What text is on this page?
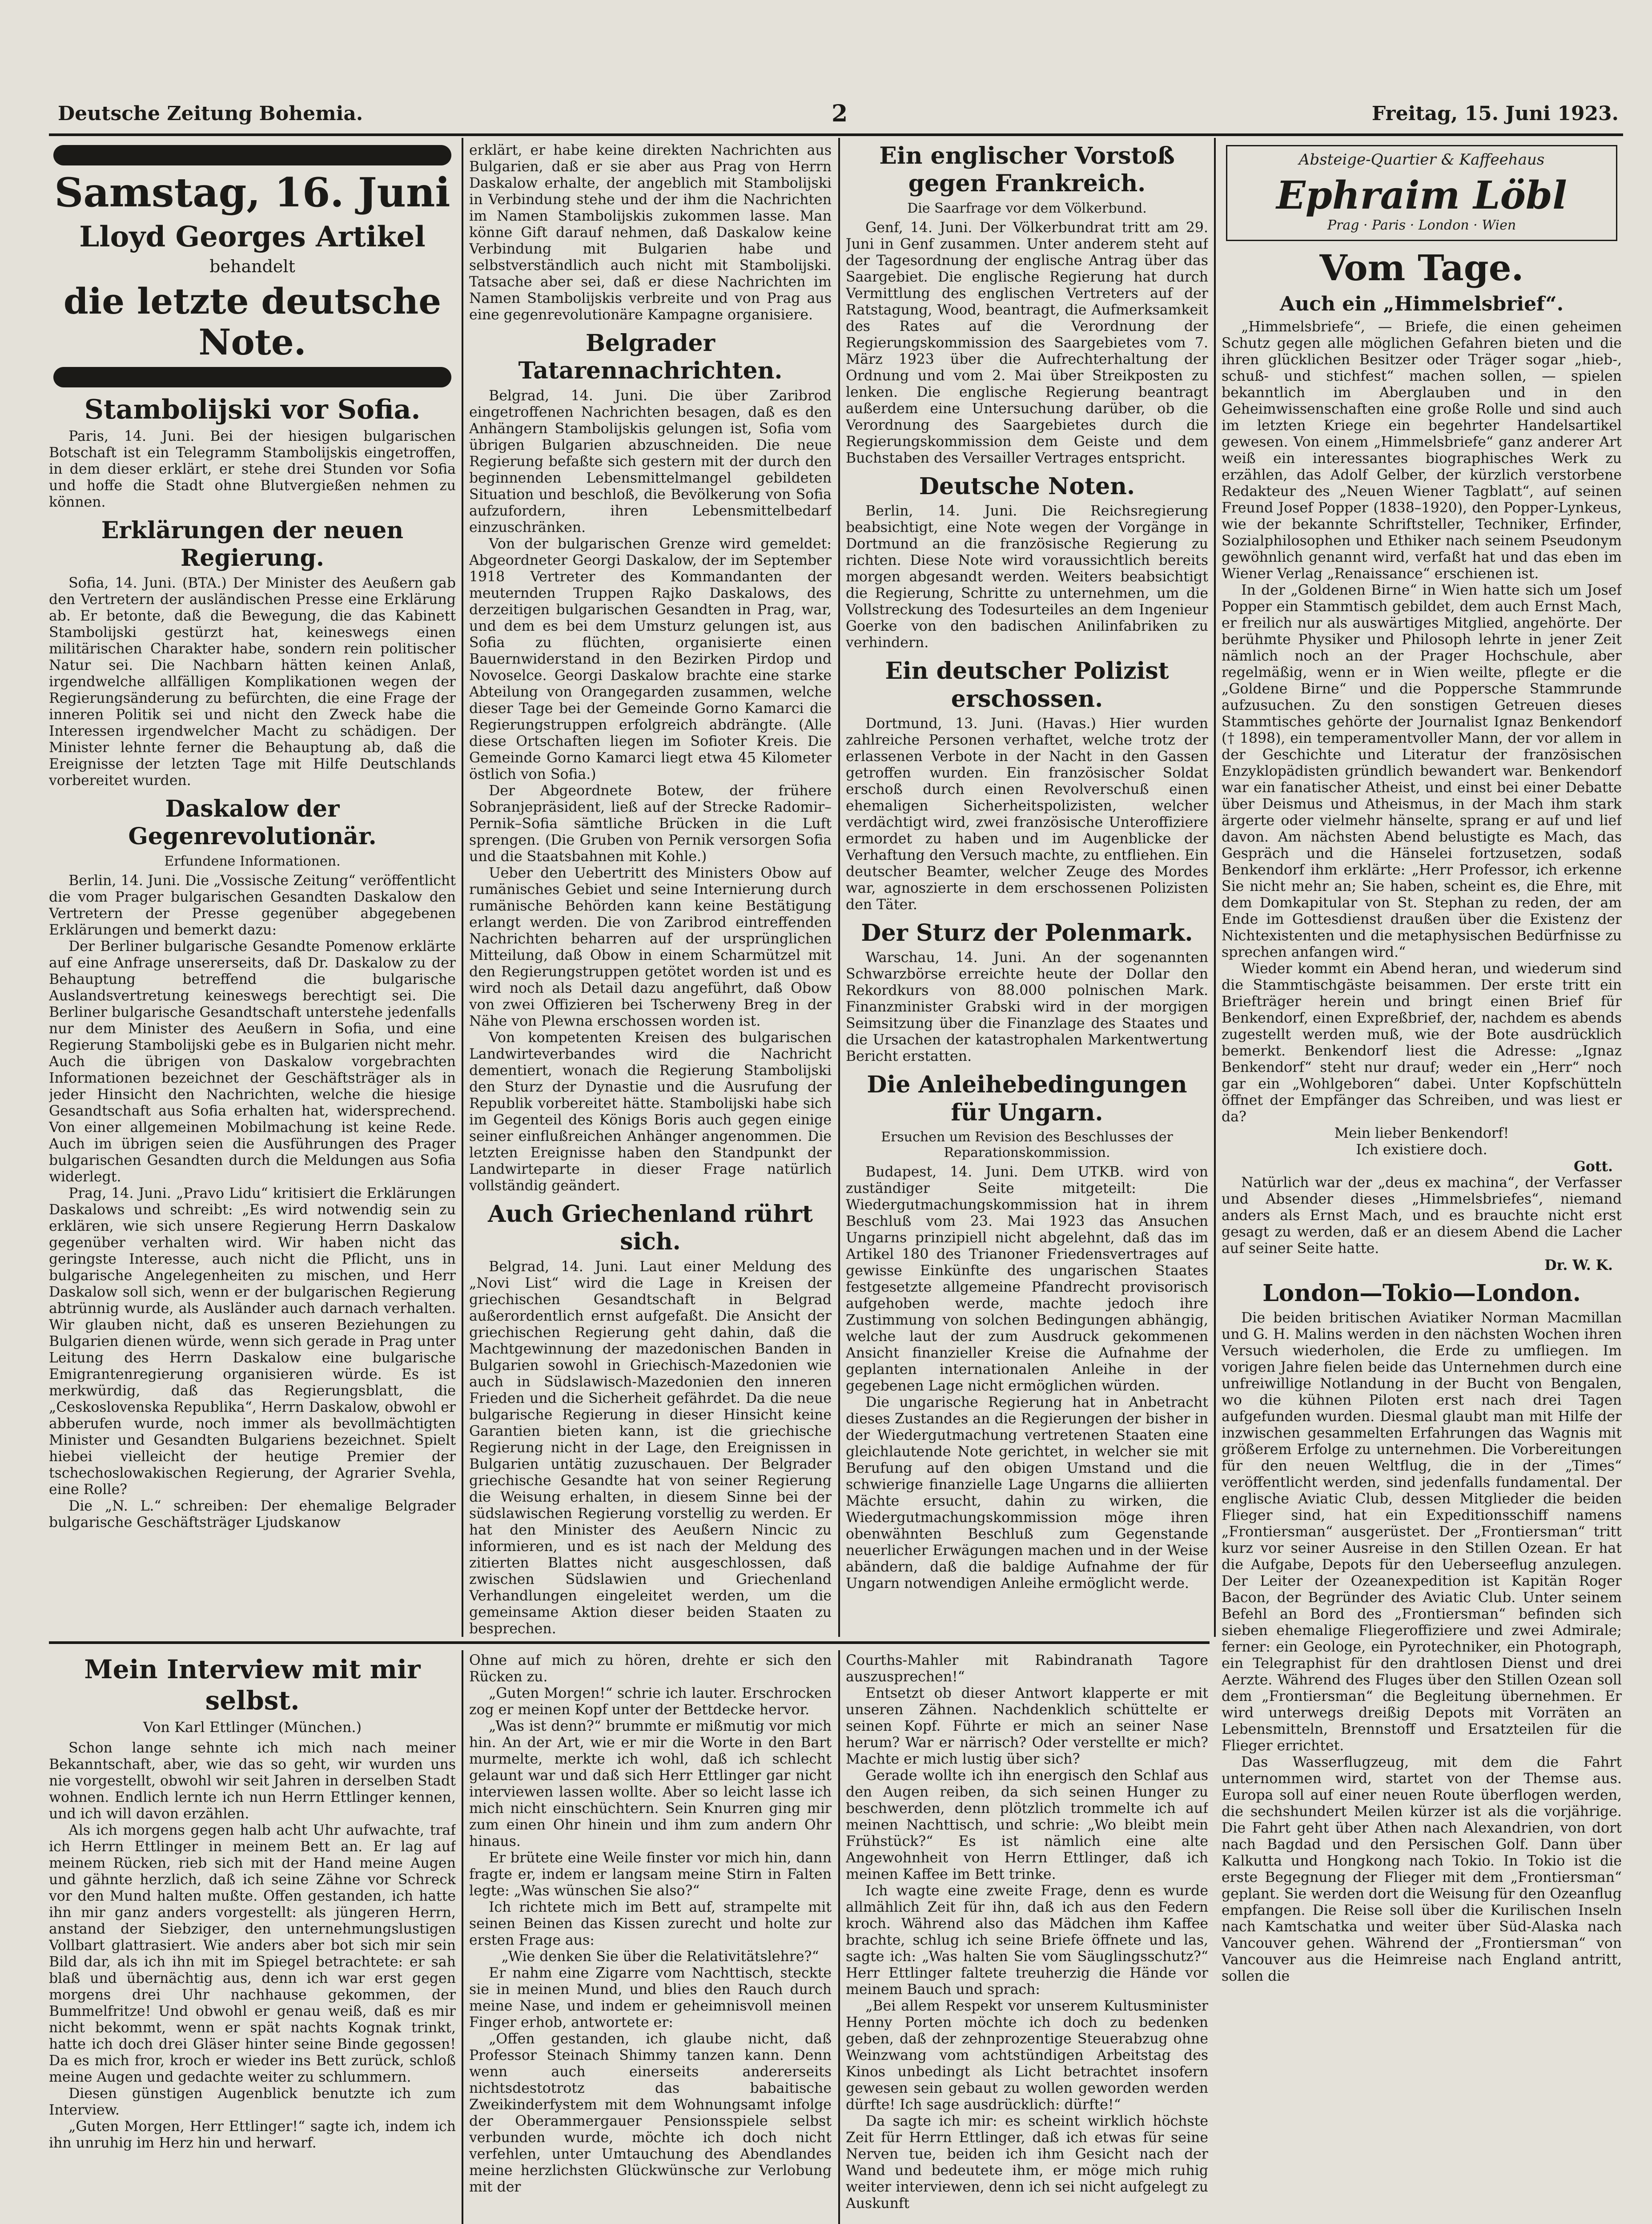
Deutsche Zeitung Bohemia.	2	Freitag, 15. Juni 1923.
Samstag, 16. Juni
Lloyd Georges Artikel
behandelt
die letzte deutsche Note.
Stambolijski vor Sofia.

Paris, 14. Juni. Bei der hiesigen bulgarischen Botschaft ist ein Telegramm Stambolijskis eingetroffen, in dem dieser erklärt, er stehe drei Stunden vor Sofia und hoffe die Stadt ohne Blutvergießen nehmen zu können.

Erklärungen der neuen Regierung.

Sofia, 14. Juni. (BTA.) Der Minister des Aeußern gab den Vertretern der ausländischen Presse eine Erklärung ab. Er betonte, daß die Bewegung, die das Kabinett Stambolijski gestürzt hat, keineswegs einen militärischen Charakter habe, sondern rein politischer Natur sei. Die Nachbarn hätten keinen Anlaß, irgendwelche allfälligen Komplikationen wegen der Regierungsänderung zu befürchten, die eine Frage der inneren Politik sei und nicht den Zweck habe die Interessen irgendwelcher Macht zu schädigen. Der Minister lehnte ferner die Behauptung ab, daß die Ereignisse der letzten Tage mit Hilfe Deutschlands vorbereitet wurden.

Daskalow der Gegenrevolutionär.
Erfundene Informationen.

Berlin, 14. Juni. Die „Vossische Zeitung“ veröffentlicht die vom Prager bulgarischen Gesandten Daskalow den Vertretern der Presse gegenüber abgegebenen Erklärungen und bemerkt dazu:

Der Berliner bulgarische Gesandte Pomenow erklärte auf eine Anfrage unsererseits, daß Dr. Daskalow zu der Behauptung betreffend die bulgarische Auslandsvertretung keineswegs berechtigt sei. Die Berliner bulgarische Gesandtschaft unterstehe jedenfalls nur dem Minister des Aeußern in Sofia, und eine Regierung Stambolijski gebe es in Bulgarien nicht mehr. Auch die übrigen von Daskalow vorgebrachten Informationen bezeichnet der Geschäftsträger als in jeder Hinsicht den Nachrichten, welche die hiesige Gesandtschaft aus Sofia erhalten hat, widersprechend. Von einer allgemeinen Mobilmachung ist keine Rede. Auch im übrigen seien die Ausführungen des Prager bulgarischen Gesandten durch die Meldungen aus Sofia widerlegt.

Prag, 14. Juni. „Pravo Lidu“ kritisiert die Erklärungen Daskalows und schreibt: „Es wird notwendig sein zu erklären, wie sich unsere Regierung Herrn Daskalow gegenüber verhalten wird. Wir haben nicht das geringste Interesse, auch nicht die Pflicht, uns in bulgarische Angelegenheiten zu mischen, und Herr Daskalow soll sich, wenn er der bulgarischen Regierung abtrünnig wurde, als Ausländer auch darnach verhalten. Wir glauben nicht, daß es unseren Beziehungen zu Bulgarien dienen würde, wenn sich gerade in Prag unter Leitung des Herrn Daskalow eine bulgarische Emigrantenregierung organisieren würde. Es ist merkwürdig, daß das Regierungsblatt, die „Ceskoslovenska Republika“, Herrn Daskalow, obwohl er abberufen wurde, noch immer als bevollmächtigten Minister und Gesandten Bulgariens bezeichnet. Spielt hiebei vielleicht der heutige Premier der tschechoslowakischen Regierung, der Agrarier Svehla, eine Rolle?

Die „N. L.“ schreiben: Der ehemalige Belgrader bulgarische Geschäftsträger Ljudskanow

erklärt, er habe keine direkten Nachrichten aus Bulgarien, daß er sie aber aus Prag von Herrn Daskalow erhalte, der angeblich mit Stambolijski in Verbindung stehe und der ihm die Nachrichten im Namen Stambolijskis zukommen lasse. Man könne Gift darauf nehmen, daß Daskalow keine Verbindung mit Bulgarien habe und selbstverständlich auch nicht mit Stambolijski. Tatsache aber sei, daß er diese Nachrichten im Namen Stambolijskis verbreite und von Prag aus eine gegenrevolutionäre Kampagne organisiere.

Belgrader Tatarennachrichten.

Belgrad, 14. Juni. Die über Zaribrod eingetroffenen Nachrichten besagen, daß es den Anhängern Stambolijskis gelungen ist, Sofia vom übrigen Bulgarien abzuschneiden. Die neue Regierung befaßte sich gestern mit der durch den beginnenden Lebensmittelmangel gebildeten Situation und beschloß, die Bevölkerung von Sofia aufzufordern, ihren Lebensmittelbedarf einzuschränken.

Von der bulgarischen Grenze wird gemeldet: Abgeordneter Georgi Daskalow, der im September 1918 Vertreter des Kommandanten der meuternden Truppen Rajko Daskalows, des derzeitigen bulgarischen Gesandten in Prag, war, und dem es bei dem Umsturz gelungen ist, aus Sofia zu flüchten, organisierte einen Bauernwiderstand in den Bezirken Pirdop und Novoselce. Georgi Daskalow brachte eine starke Abteilung von Orangegarden zusammen, welche dieser Tage bei der Gemeinde Gorno Kamarci die Regierungstruppen erfolgreich abdrängte. (Alle diese Ortschaften liegen im Sofioter Kreis. Die Gemeinde Gorno Kamarci liegt etwa 45 Kilometer östlich von Sofia.)

Der Abgeordnete Botew, der frühere Sobranjepräsident, ließ auf der Strecke Radomir–Pernik–Sofia sämtliche Brücken in die Luft sprengen. (Die Gruben von Pernik versorgen Sofia und die Staatsbahnen mit Kohle.)

Ueber den Uebertritt des Ministers Obow auf rumänisches Gebiet und seine Internierung durch rumänische Behörden kann keine Bestätigung erlangt werden. Die von Zaribrod eintreffenden Nachrichten beharren auf der ursprünglichen Mitteilung, daß Obow in einem Scharmützel mit den Regierungstruppen getötet worden ist und es wird noch als Detail dazu angeführt, daß Obow von zwei Offizieren bei Tscherweny Breg in der Nähe von Plewna erschossen worden ist.

Von kompetenten Kreisen des bulgarischen Landwirteverbandes wird die Nachricht dementiert, wonach die Regierung Stambolijski den Sturz der Dynastie und die Ausrufung der Republik vorbereitet hätte. Stambolijski habe sich im Gegenteil des Königs Boris auch gegen einige seiner einflußreichen Anhänger angenommen. Die letzten Ereignisse haben den Standpunkt der Landwirteparte in dieser Frage natürlich vollständig geändert.

Auch Griechenland rührt sich.

Belgrad, 14. Juni. Laut einer Meldung des „Novi List“ wird die Lage in Kreisen der griechischen Gesandtschaft in Belgrad außerordentlich ernst aufgefaßt. Die Ansicht der griechischen Regierung geht dahin, daß die Machtgewinnung der mazedonischen Banden in Bulgarien sowohl in Griechisch-Mazedonien wie auch in Südslawisch-Mazedonien den inneren Frieden und die Sicherheit gefährdet. Da die neue bulgarische Regierung in dieser Hinsicht keine Garantien bieten kann, ist die griechische Regierung nicht in der Lage, den Ereignissen in Bulgarien untätig zuzuschauen. Der Belgrader griechische Gesandte hat von seiner Regierung die Weisung erhalten, in diesem Sinne bei der südslawischen Regierung vorstellig zu werden. Er hat den Minister des Aeußern Nincic zu informieren, und es ist nach der Meldung des zitierten Blattes nicht ausgeschlossen, daß zwischen Südslawien und Griechenland Verhandlungen eingeleitet werden, um die gemeinsame Aktion dieser beiden Staaten zu besprechen.

Ein englischer Vorstoß gegen Frankreich.
Die Saarfrage vor dem Völkerbund.

Genf, 14. Juni. Der Völkerbundrat tritt am 29. Juni in Genf zusammen. Unter anderem steht auf der Tagesordnung der englische Antrag über das Saargebiet. Die englische Regierung hat durch Vermittlung des englischen Vertreters auf der Ratstagung, Wood, beantragt, die Aufmerksamkeit des Rates auf die Verordnung der Regierungskommission des Saargebietes vom 7. März 1923 über die Aufrechterhaltung der Ordnung und vom 2. Mai über Streikposten zu lenken. Die englische Regierung beantragt außerdem eine Untersuchung darüber, ob die Verordnung des Saargebietes durch die Regierungskommission dem Geiste und dem Buchstaben des Versailler Vertrages entspricht.

Deutsche Noten.

Berlin, 14. Juni. Die Reichsregierung beabsichtigt, eine Note wegen der Vorgänge in Dortmund an die französische Regierung zu richten. Diese Note wird voraussichtlich bereits morgen abgesandt werden. Weiters beabsichtigt die Regierung, Schritte zu unternehmen, um die Vollstreckung des Todesurteiles an dem Ingenieur Goerke von den badischen Anilinfabriken zu verhindern.

Ein deutscher Polizist erschossen.

Dortmund, 13. Juni. (Havas.) Hier wurden zahlreiche Personen verhaftet, welche trotz der erlassenen Verbote in der Nacht in den Gassen getroffen wurden. Ein französischer Soldat erschoß durch einen Revolverschuß einen ehemaligen Sicherheitspolizisten, welcher verdächtigt wird, zwei französische Unteroffiziere ermordet zu haben und im Augenblicke der Verhaftung den Versuch machte, zu entfliehen. Ein deutscher Beamter, welcher Zeuge des Mordes war, agnoszierte in dem erschossenen Polizisten den Täter.

Der Sturz der Polenmark.

Warschau, 14. Juni. An der sogenannten Schwarzbörse erreichte heute der Dollar den Rekordkurs von 88.000 polnischen Mark. Finanzminister Grabski wird in der morgigen Seimsitzung über die Finanzlage des Staates und die Ursachen der katastrophalen Markentwertung Bericht erstatten.

Die Anleihebedingungen für Ungarn.
Ersuchen um Revision des Beschlusses der Reparationskommission.

Budapest, 14. Juni. Dem UTKB. wird von zuständiger Seite mitgeteilt: Die Wiedergutmachungskommission hat in ihrem Beschluß vom 23. Mai 1923 das Ansuchen Ungarns prinzipiell nicht abgelehnt, daß das im Artikel 180 des Trianoner Friedensvertrages auf gewisse Einkünfte des ungarischen Staates festgesetzte allgemeine Pfandrecht provisorisch aufgehoben werde, machte jedoch ihre Zustimmung von solchen Bedingungen abhängig, welche laut der zum Ausdruck gekommenen Ansicht finanzieller Kreise die Aufnahme der geplanten internationalen Anleihe in der gegebenen Lage nicht ermöglichen würden.

Die ungarische Regierung hat in Anbetracht dieses Zustandes an die Regierungen der bisher in der Wiedergutmachung vertretenen Staaten eine gleichlautende Note gerichtet, in welcher sie mit Berufung auf den obigen Umstand und die schwierige finanzielle Lage Ungarns die alliierten Mächte ersucht, dahin zu wirken, die Wiedergutmachungskommission möge ihren obenwähnten Beschluß zum Gegenstande neuerlicher Erwägungen machen und in der Weise abändern, daß die baldige Aufnahme der für Ungarn notwendigen Anleihe ermöglicht werde.

Absteige-Quartier & Kaffeehaus
Ephraim Löbl
Prag · Paris · London · Wien
Vom Tage.
Auch ein „Himmelsbrief“.

„Himmelsbriefe“, — Briefe, die einen geheimen Schutz gegen alle möglichen Gefahren bieten und die ihren glücklichen Besitzer oder Träger sogar „hieb-, schuß- und stichfest“ machen sollen, — spielen bekanntlich im Aberglauben und in den Geheimwissenschaften eine große Rolle und sind auch im letzten Kriege ein begehrter Handelsartikel gewesen. Von einem „Himmelsbriefe“ ganz anderer Art weiß ein interessantes biographisches Werk zu erzählen, das Adolf Gelber, der kürzlich verstorbene Redakteur des „Neuen Wiener Tagblatt“, auf seinen Freund Josef Popper (1838–1920), den Popper-Lynkeus, wie der bekannte Schriftsteller, Techniker, Erfinder, Sozialphilosophen und Ethiker nach seinem Pseudonym gewöhnlich genannt wird, verfaßt hat und das eben im Wiener Verlag „Renaissance“ erschienen ist.

In der „Goldenen Birne“ in Wien hatte sich um Josef Popper ein Stammtisch gebildet, dem auch Ernst Mach, er freilich nur als auswärtiges Mitglied, angehörte. Der berühmte Physiker und Philosoph lehrte in jener Zeit nämlich noch an der Prager Hochschule, aber regelmäßig, wenn er in Wien weilte, pflegte er die „Goldene Birne“ und die Poppersche Stammrunde aufzusuchen. Zu den sonstigen Getreuen dieses Stammtisches gehörte der Journalist Ignaz Benkendorf († 1898), ein temperamentvoller Mann, der vor allem in der Geschichte und Literatur der französischen Enzyklopädisten gründlich bewandert war. Benkendorf war ein fanatischer Atheist, und einst bei einer Debatte über Deismus und Atheismus, in der Mach ihm stark ärgerte oder vielmehr hänselte, sprang er auf und lief davon. Am nächsten Abend belustigte es Mach, das Gespräch und die Hänselei fortzusetzen, sodaß Benkendorf ihm erklärte: „Herr Professor, ich erkenne Sie nicht mehr an; Sie haben, scheint es, die Ehre, mit dem Domkapitular von St. Stephan zu reden, der am Ende im Gottesdienst draußen über die Existenz der Nichtexistenten und die metaphysischen Bedürfnisse zu sprechen anfangen wird.“

Wieder kommt ein Abend heran, und wiederum sind die Stammtischgäste beisammen. Der erste tritt ein Briefträger herein und bringt einen Brief für Benkendorf, einen Expreßbrief, der, nachdem es abends zugestellt werden muß, wie der Bote ausdrücklich bemerkt. Benkendorf liest die Adresse: „Ignaz Benkendorf“ steht nur drauf; weder ein „Herr“ noch gar ein „Wohlgeboren“ dabei. Unter Kopfschütteln öffnet der Empfänger das Schreiben, und was liest er da?

Mein lieber Benkendorf!

Ich existiere doch.

Gott.

Natürlich war der „deus ex machina“, der Verfasser und Absender dieses „Himmelsbriefes“, niemand anders als Ernst Mach, und es brauchte nicht erst gesagt zu werden, daß er an diesem Abend die Lacher auf seiner Seite hatte.

Dr. W. K.
London—Tokio—London.

Die beiden britischen Aviatiker Norman Macmillan und G. H. Malins werden in den nächsten Wochen ihren Versuch wiederholen, die Erde zu umfliegen. Im vorigen Jahre fielen beide das Unternehmen durch eine unfreiwillige Notlandung in der Bucht von Bengalen, wo die kühnen Piloten erst nach drei Tagen aufgefunden wurden. Diesmal glaubt man mit Hilfe der inzwischen gesammelten Erfahrungen das Wagnis mit größerem Erfolge zu unternehmen. Die Vorbereitungen für den neuen Weltflug, die in der „Times“ veröffentlicht werden, sind jedenfalls fundamental. Der englische Aviatic Club, dessen Mitglieder die beiden Flieger sind, hat ein Expeditionsschiff namens „Frontiersman“ ausgerüstet. Der „Frontiersman“ tritt kurz vor seiner Ausreise in den Stillen Ozean. Er hat die Aufgabe, Depots für den Ueberseeflug anzulegen. Der Leiter der Ozeanexpedition ist Kapitän Roger Bacon, der Begründer des Aviatic Club. Unter seinem Befehl an Bord des „Frontiersman“ befinden sich sieben ehemalige Fliegeroffiziere und zwei Admirale; ferner: ein Geologe, ein Pyrotechniker, ein Photograph, ein Telegraphist für den drahtlosen Dienst und drei Aerzte. Während des Fluges über den Stillen Ozean soll dem „Frontiersman“ die Begleitung übernehmen. Er wird unterwegs dreißig Depots mit Vorräten an Lebensmitteln, Brennstoff und Ersatzteilen für die Flieger errichtet.

Das Wasserflugzeug, mit dem die Fahrt unternommen wird, startet von der Themse aus. Europa soll auf einer neuen Route überflogen werden, die sechshundert Meilen kürzer ist als die vorjährige. Die Fahrt geht über Athen nach Alexandrien, von dort nach Bagdad und den Persischen Golf. Dann über Kalkutta und Hongkong nach Tokio. In Tokio ist die erste Begegnung der Flieger mit dem „Frontiersman“ geplant. Sie werden dort die Weisung für den Ozeanflug empfangen. Die Reise soll über die Kurilischen Inseln nach Kamtschatka und weiter über Süd-Alaska nach Vancouver gehen. Während der „Frontiersman“ von Vancouver aus die Heimreise nach England antritt, sollen die

Mein Interview mit mir selbst.
Von Karl Ettlinger (München.)

Schon lange sehnte ich mich nach meiner Bekanntschaft, aber, wie das so geht, wir wurden uns nie vorgestellt, obwohl wir seit Jahren in derselben Stadt wohnen. Endlich lernte ich nun Herrn Ettlinger kennen, und ich will davon erzählen.

Als ich morgens gegen halb acht Uhr aufwachte, traf ich Herrn Ettlinger in meinem Bett an. Er lag auf meinem Rücken, rieb sich mit der Hand meine Augen und gähnte herzlich, daß ich seine Zähne vor Schreck vor den Mund halten mußte. Offen gestanden, ich hatte ihn mir ganz anders vorgestellt: als jüngeren Herrn, anstand der Siebziger, den unternehmungslustigen Vollbart glattrasiert. Wie anders aber bot sich mir sein Bild dar, als ich ihn mit im Spiegel betrachtete: er sah blaß und übernächtig aus, denn ich war erst gegen morgens drei Uhr nachhause gekommen, der Bummelfritze! Und obwohl er genau weiß, daß es mir nicht bekommt, wenn er spät nachts Kognak trinkt, hatte ich doch drei Gläser hinter seine Binde gegossen! Da es mich fror, kroch er wieder ins Bett zurück, schloß meine Augen und gedachte weiter zu schlummern.

Diesen günstigen Augenblick benutzte ich zum Interview.

„Guten Morgen, Herr Ettlinger!“ sagte ich, indem ich ihn unruhig im Herz hin und herwarf.

Ohne auf mich zu hören, drehte er sich den Rücken zu.

„Guten Morgen!“ schrie ich lauter. Erschrocken zog er meinen Kopf unter der Bettdecke hervor.

„Was ist denn?“ brummte er mißmutig vor mich hin. An der Art, wie er mir die Worte in den Bart murmelte, merkte ich wohl, daß ich schlecht gelaunt war und daß sich Herr Ettlinger gar nicht interviewen lassen wollte. Aber so leicht lasse ich mich nicht einschüchtern. Sein Knurren ging mir zum einen Ohr hinein und ihm zum andern Ohr hinaus.

Er brütete eine Weile finster vor mich hin, dann fragte er, indem er langsam meine Stirn in Falten legte: „Was wünschen Sie also?“

Ich richtete mich im Bett auf, strampelte mit seinen Beinen das Kissen zurecht und holte zur ersten Frage aus:

„Wie denken Sie über die Relativitätslehre?“

Er nahm eine Zigarre vom Nachttisch, steckte sie in meinen Mund, und blies den Rauch durch meine Nase, und indem er geheimnisvoll meinen Finger erhob, antwortete er:

„Offen gestanden, ich glaube nicht, daß Professor Steinach Shimmy tanzen kann. Denn wenn auch einerseits andererseits nichtsdestotrotz das babaitische Zweikinderfystem mit dem Wohnungsamt infolge der Oberammergauer Pensionsspiele selbst verbunden wurde, möchte ich doch nicht verfehlen, unter Umtauchung des Abendlandes meine herzlichsten Glückwünsche zur Verlobung mit der

Courths-Mahler mit Rabindranath Tagore auszusprechen!“

Entsetzt ob dieser Antwort klapperte er mit unseren Zähnen. Nachdenklich schüttelte er seinen Kopf. Führte er mich an seiner Nase herum? War er närrisch? Oder verstellte er mich? Machte er mich lustig über sich?

Gerade wollte ich ihn energisch den Schlaf aus den Augen reiben, da sich seinen Hunger zu beschwerden, denn plötzlich trommelte ich auf meinen Nachttisch, und schrie: „Wo bleibt mein Frühstück?“ Es ist nämlich eine alte Angewohnheit von Herrn Ettlinger, daß ich meinen Kaffee im Bett trinke.

Ich wagte eine zweite Frage, denn es wurde allmählich Zeit für ihn, daß ich aus den Federn kroch. Während also das Mädchen ihm Kaffee brachte, schlug ich seine Briefe öffnete und las, sagte ich: „Was halten Sie vom Säuglingsschutz?“ Herr Ettlinger faltete treuherzig die Hände vor meinem Bauch und sprach:

„Bei allem Respekt vor unserem Kultusminister Henny Porten möchte ich doch zu bedenken geben, daß der zehnprozentige Steuerabzug ohne Weinzwang vom achtstündigen Arbeitstag des Kinos unbedingt als Licht betrachtet insofern gewesen sein gebaut zu wollen geworden werden dürfte! Ich sage ausdrücklich: dürfte!“

Da sagte ich mir: es scheint wirklich höchste Zeit für Herrn Ettlinger, daß ich etwas für seine Nerven tue, beiden ich ihm Gesicht nach der Wand und bedeutete ihm, er möge mich ruhig weiter interviewen, denn ich sei nicht aufgelegt zu Auskunft
